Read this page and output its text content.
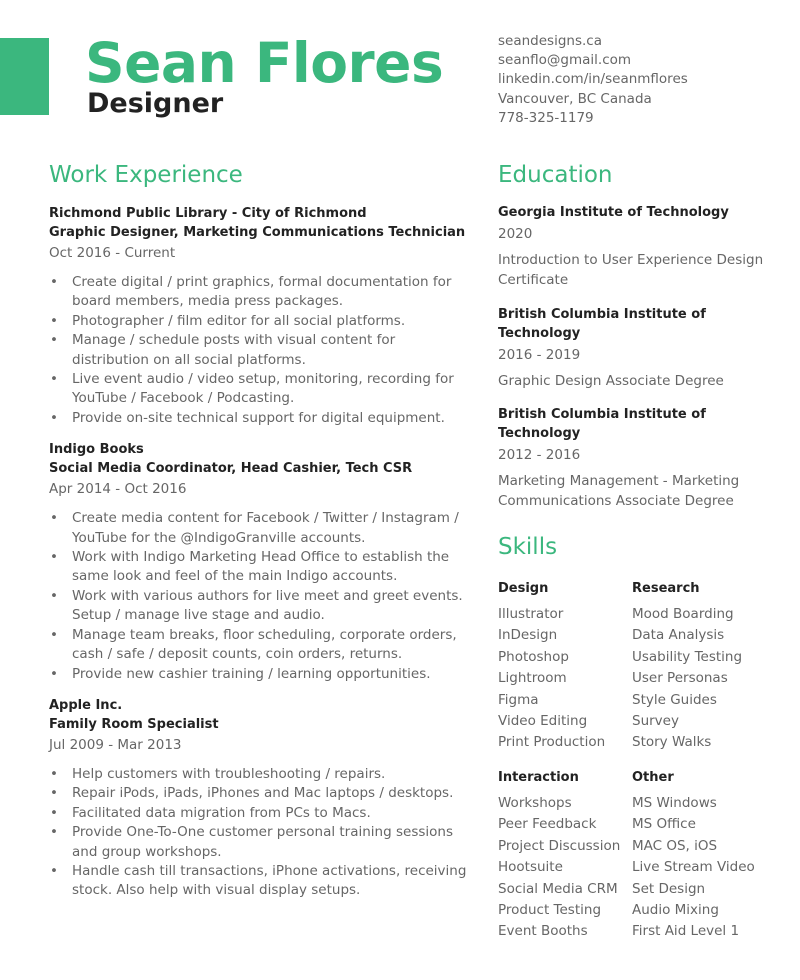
Sean Flores
Designer
seandesigns.ca
seanflo@gmail.com
linkedin.com/in/seanmflores
Vancouver, BC Canada
778-325-1179
Work Experience
Richmond Public Library - City of Richmond
Graphic Designer, Marketing Communications Technician
Oct 2016 - Current
• Create digital / print graphics, formal documentation for board members, media press packages.
• Photographer / film editor for all social platforms.
• Manage / schedule posts with visual content for distribution on all social platforms.
• Live event audio / video setup, monitoring, recording for YouTube / Facebook / Podcasting.
• Provide on-site technical support for digital equipment.
Indigo Books
Social Media Coordinator, Head Cashier, Tech CSR
Apr 2014 - Oct 2016
• Create media content for Facebook / Twitter / Instagram / YouTube for the @IndigoGranville accounts.
• Work with Indigo Marketing Head Office to establish the same look and feel of the main Indigo accounts.
• Work with various authors for live meet and greet events. Setup / manage live stage and audio.
• Manage team breaks, floor scheduling, corporate orders, cash / safe / deposit counts, coin orders, returns.
• Provide new cashier training / learning opportunities.
Apple Inc.
Family Room Specialist
Jul 2009 - Mar 2013
• Help customers with troubleshooting / repairs.
• Repair iPods, iPads, iPhones and Mac laptops / desktops.
• Facilitated data migration from PCs to Macs.
• Provide One-To-One customer personal training sessions and group workshops.
• Handle cash till transactions, iPhone activations, receiving stock. Also help with visual display setups.
Education
Georgia Institute of Technology
2020
Introduction to User Experience Design Certificate
British Columbia Institute of Technology
2016 - 2019
Graphic Design Associate Degree
British Columbia Institute of Technology
2012 - 2016
Marketing Management - Marketing Communications Associate Degree
Skills
Design
Illustrator
InDesign
Photoshop
Lightroom
Figma
Video Editing
Print Production
Research
Mood Boarding
Data Analysis
Usability Testing
User Personas
Style Guides
Survey
Story Walks
Interaction
Workshops
Peer Feedback
Project Discussion
Hootsuite
Social Media CRM
Product Testing
Event Booths
Other
MS Windows
MS Office
MAC OS, iOS
Live Stream Video
Set Design
Audio Mixing
First Aid Level 1
